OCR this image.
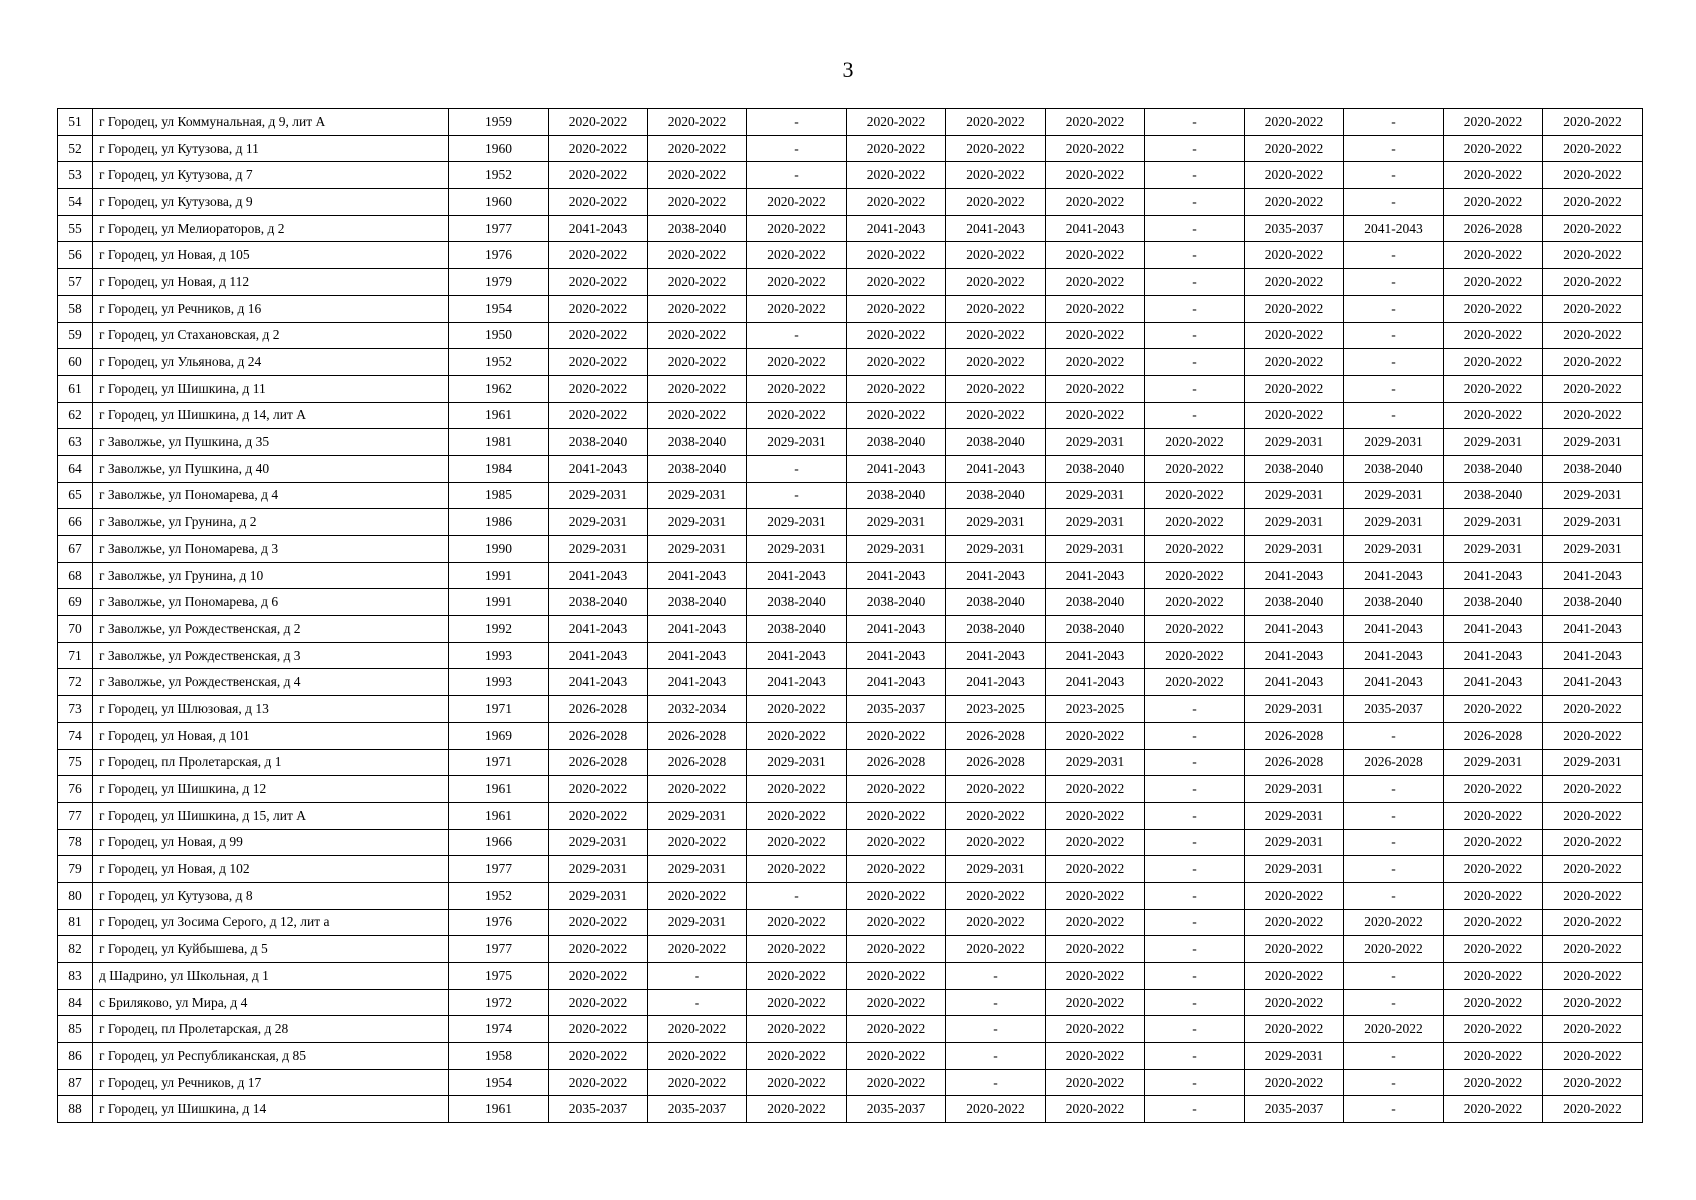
3
51	г Городец, ул Коммунальная, д 9, лит А	1959	2020-2022	2020-2022	-	2020-2022	2020-2022	2020-2022	-	2020-2022	-	2020-2022	2020-2022
52	г Городец, ул Кутузова, д 11	1960	2020-2022	2020-2022	-	2020-2022	2020-2022	2020-2022	-	2020-2022	-	2020-2022	2020-2022
53	г Городец, ул Кутузова, д 7	1952	2020-2022	2020-2022	-	2020-2022	2020-2022	2020-2022	-	2020-2022	-	2020-2022	2020-2022
54	г Городец, ул Кутузова, д 9	1960	2020-2022	2020-2022	2020-2022	2020-2022	2020-2022	2020-2022	-	2020-2022	-	2020-2022	2020-2022
55	г Городец, ул Мелиораторов, д 2	1977	2041-2043	2038-2040	2020-2022	2041-2043	2041-2043	2041-2043	-	2035-2037	2041-2043	2026-2028	2020-2022
56	г Городец, ул Новая, д 105	1976	2020-2022	2020-2022	2020-2022	2020-2022	2020-2022	2020-2022	-	2020-2022	-	2020-2022	2020-2022
57	г Городец, ул Новая, д 112	1979	2020-2022	2020-2022	2020-2022	2020-2022	2020-2022	2020-2022	-	2020-2022	-	2020-2022	2020-2022
58	г Городец, ул Речников, д 16	1954	2020-2022	2020-2022	2020-2022	2020-2022	2020-2022	2020-2022	-	2020-2022	-	2020-2022	2020-2022
59	г Городец, ул Стахановская, д 2	1950	2020-2022	2020-2022	-	2020-2022	2020-2022	2020-2022	-	2020-2022	-	2020-2022	2020-2022
60	г Городец, ул Ульянова, д 24	1952	2020-2022	2020-2022	2020-2022	2020-2022	2020-2022	2020-2022	-	2020-2022	-	2020-2022	2020-2022
61	г Городец, ул Шишкина, д 11	1962	2020-2022	2020-2022	2020-2022	2020-2022	2020-2022	2020-2022	-	2020-2022	-	2020-2022	2020-2022
62	г Городец, ул Шишкина, д 14, лит А	1961	2020-2022	2020-2022	2020-2022	2020-2022	2020-2022	2020-2022	-	2020-2022	-	2020-2022	2020-2022
63	г Заволжье, ул Пушкина, д 35	1981	2038-2040	2038-2040	2029-2031	2038-2040	2038-2040	2029-2031	2020-2022	2029-2031	2029-2031	2029-2031	2029-2031
64	г Заволжье, ул Пушкина, д 40	1984	2041-2043	2038-2040	-	2041-2043	2041-2043	2038-2040	2020-2022	2038-2040	2038-2040	2038-2040	2038-2040
65	г Заволжье, ул Пономарева, д 4	1985	2029-2031	2029-2031	-	2038-2040	2038-2040	2029-2031	2020-2022	2029-2031	2029-2031	2038-2040	2029-2031
66	г Заволжье, ул Грунина, д 2	1986	2029-2031	2029-2031	2029-2031	2029-2031	2029-2031	2029-2031	2020-2022	2029-2031	2029-2031	2029-2031	2029-2031
67	г Заволжье, ул Пономарева, д 3	1990	2029-2031	2029-2031	2029-2031	2029-2031	2029-2031	2029-2031	2020-2022	2029-2031	2029-2031	2029-2031	2029-2031
68	г Заволжье, ул Грунина, д 10	1991	2041-2043	2041-2043	2041-2043	2041-2043	2041-2043	2041-2043	2020-2022	2041-2043	2041-2043	2041-2043	2041-2043
69	г Заволжье, ул Пономарева, д 6	1991	2038-2040	2038-2040	2038-2040	2038-2040	2038-2040	2038-2040	2020-2022	2038-2040	2038-2040	2038-2040	2038-2040
70	г Заволжье, ул Рождественская, д 2	1992	2041-2043	2041-2043	2038-2040	2041-2043	2038-2040	2038-2040	2020-2022	2041-2043	2041-2043	2041-2043	2041-2043
71	г Заволжье, ул Рождественская, д 3	1993	2041-2043	2041-2043	2041-2043	2041-2043	2041-2043	2041-2043	2020-2022	2041-2043	2041-2043	2041-2043	2041-2043
72	г Заволжье, ул Рождественская, д 4	1993	2041-2043	2041-2043	2041-2043	2041-2043	2041-2043	2041-2043	2020-2022	2041-2043	2041-2043	2041-2043	2041-2043
73	г Городец, ул Шлюзовая, д 13	1971	2026-2028	2032-2034	2020-2022	2035-2037	2023-2025	2023-2025	-	2029-2031	2035-2037	2020-2022	2020-2022
74	г Городец, ул Новая, д 101	1969	2026-2028	2026-2028	2020-2022	2020-2022	2026-2028	2020-2022	-	2026-2028	-	2026-2028	2020-2022
75	г Городец, пл Пролетарская, д 1	1971	2026-2028	2026-2028	2029-2031	2026-2028	2026-2028	2029-2031	-	2026-2028	2026-2028	2029-2031	2029-2031
76	г Городец, ул Шишкина, д 12	1961	2020-2022	2020-2022	2020-2022	2020-2022	2020-2022	2020-2022	-	2029-2031	-	2020-2022	2020-2022
77	г Городец, ул Шишкина, д 15, лит А	1961	2020-2022	2029-2031	2020-2022	2020-2022	2020-2022	2020-2022	-	2029-2031	-	2020-2022	2020-2022
78	г Городец, ул Новая, д 99	1966	2029-2031	2020-2022	2020-2022	2020-2022	2020-2022	2020-2022	-	2029-2031	-	2020-2022	2020-2022
79	г Городец, ул Новая, д 102	1977	2029-2031	2029-2031	2020-2022	2020-2022	2029-2031	2020-2022	-	2029-2031	-	2020-2022	2020-2022
80	г Городец, ул Кутузова, д 8	1952	2029-2031	2020-2022	-	2020-2022	2020-2022	2020-2022	-	2020-2022	-	2020-2022	2020-2022
81	г Городец, ул Зосима Серого, д 12, лит а	1976	2020-2022	2029-2031	2020-2022	2020-2022	2020-2022	2020-2022	-	2020-2022	2020-2022	2020-2022	2020-2022
82	г Городец, ул Куйбышева, д 5	1977	2020-2022	2020-2022	2020-2022	2020-2022	2020-2022	2020-2022	-	2020-2022	2020-2022	2020-2022	2020-2022
83	д Шадрино, ул Школьная, д 1	1975	2020-2022	-	2020-2022	2020-2022	-	2020-2022	-	2020-2022	-	2020-2022	2020-2022
84	с Бриляково, ул Мира, д 4	1972	2020-2022	-	2020-2022	2020-2022	-	2020-2022	-	2020-2022	-	2020-2022	2020-2022
85	г Городец, пл Пролетарская, д 28	1974	2020-2022	2020-2022	2020-2022	2020-2022	-	2020-2022	-	2020-2022	2020-2022	2020-2022	2020-2022
86	г Городец, ул Республиканская, д 85	1958	2020-2022	2020-2022	2020-2022	2020-2022	-	2020-2022	-	2029-2031	-	2020-2022	2020-2022
87	г Городец, ул Речников, д 17	1954	2020-2022	2020-2022	2020-2022	2020-2022	-	2020-2022	-	2020-2022	-	2020-2022	2020-2022
88	г Городец, ул Шишкина, д 14	1961	2035-2037	2035-2037	2020-2022	2035-2037	2020-2022	2020-2022	-	2035-2037	-	2020-2022	2020-2022
